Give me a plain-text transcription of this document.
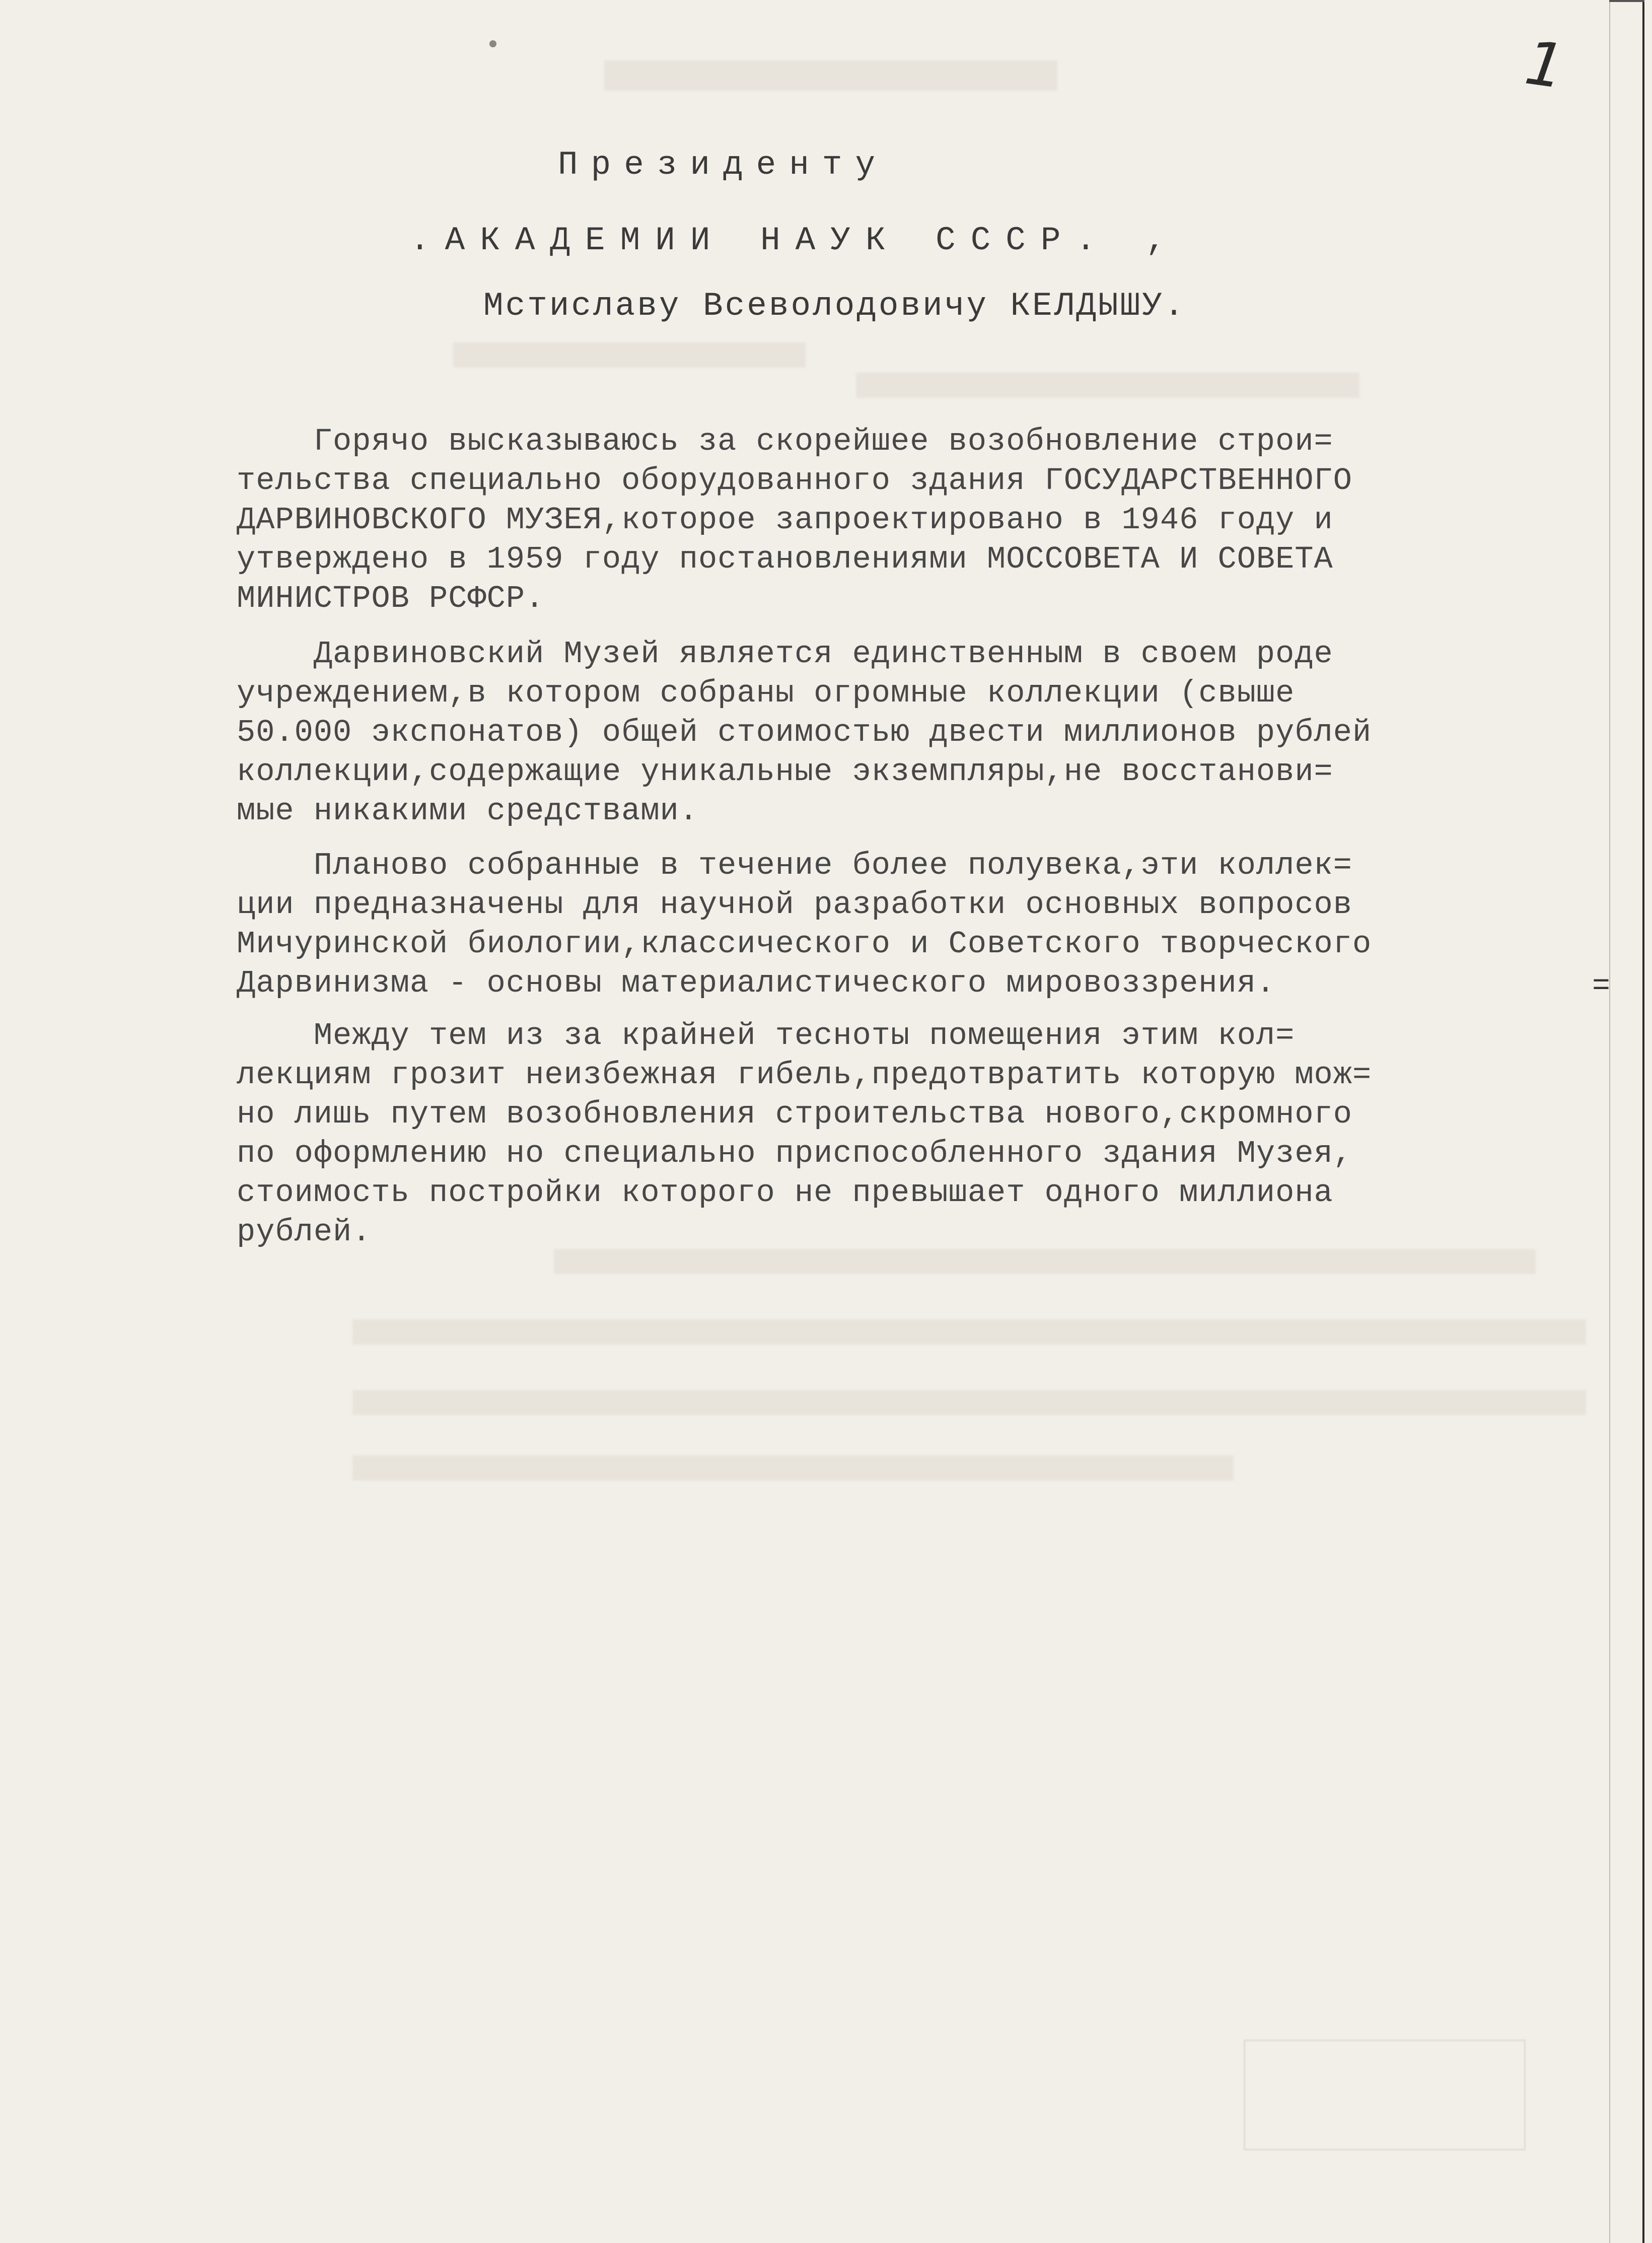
1
Президенту
.АКАДЕМИИ НАУК СССР. ,
Мстиславу Всеволодовичу КЕЛДЫШУ.
Горячо высказываюсь за скорейшее возобновление строи=
тельства специально оборудованного здания ГОСУДАРСТВЕННОГО
ДАРВИНОВСКОГО МУЗЕЯ,которое запроектировано в 1946 году и
утверждено в 1959 году постановлениями МОССОВЕТА И СОВЕТА
МИНИСТРОВ РСФСР.
Дарвиновский Музей является единственным в своем роде
учреждением,в котором собраны огромные коллекции (свыше
50.000 экспонатов) общей стоимостью двести миллионов рублей
коллекции,содержащие уникальные экземпляры,не восстанови=
мые никакими средствами.
Планово собранные в течение более полувека,эти коллек=
ции предназначены для научной разработки основных вопросов
Мичуринской биологии,классического и Советского творческого
Дарвинизма - основы материалистического мировоззрения.
Между тем из за крайней тесноты помещения этим кол=
лекциям грозит неизбежная гибель,предотвратить которую мож=
но лишь путем возобновления строительства нового,скромного
по оформлению но специально приспособленного здания Музея,
стоимость постройки которого не превышает одного миллиона
рублей.
=
